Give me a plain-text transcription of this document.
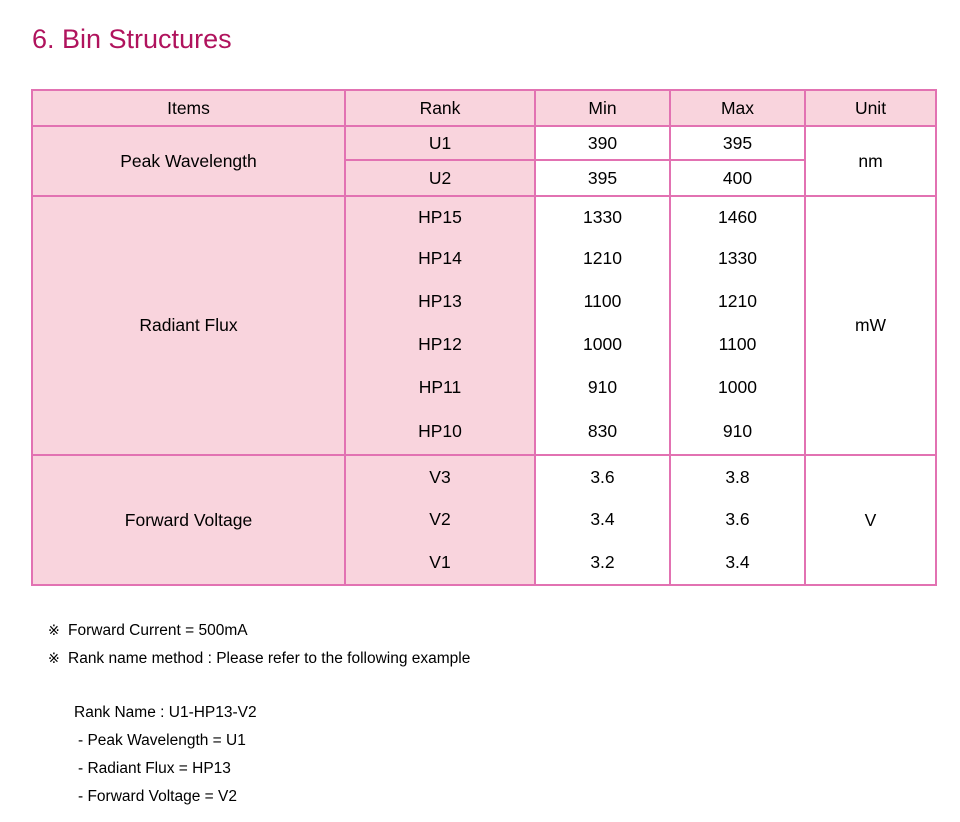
6. Bin Structures
Items	Rank	Min	Max	Unit
Peak Wavelength	U1	390	395	nm
	U2	395	400	
Radiant Flux	HP15	1330	1460	mW
	HP14	1210	1330	
	HP13	1100	1210	
	HP12	1000	1100	
	HP11	910	1000	
	HP10	830	910	
Forward Voltage	V3	3.6	3.8	V
	V2	3.4	3.6	
	V1	3.2	3.4	
※ Forward Current = 500mA
※ Rank name method : Please refer to the following example
Rank Name : U1-HP13-V2
- Peak Wavelength = U1
- Radiant Flux = HP13
- Forward Voltage = V2
